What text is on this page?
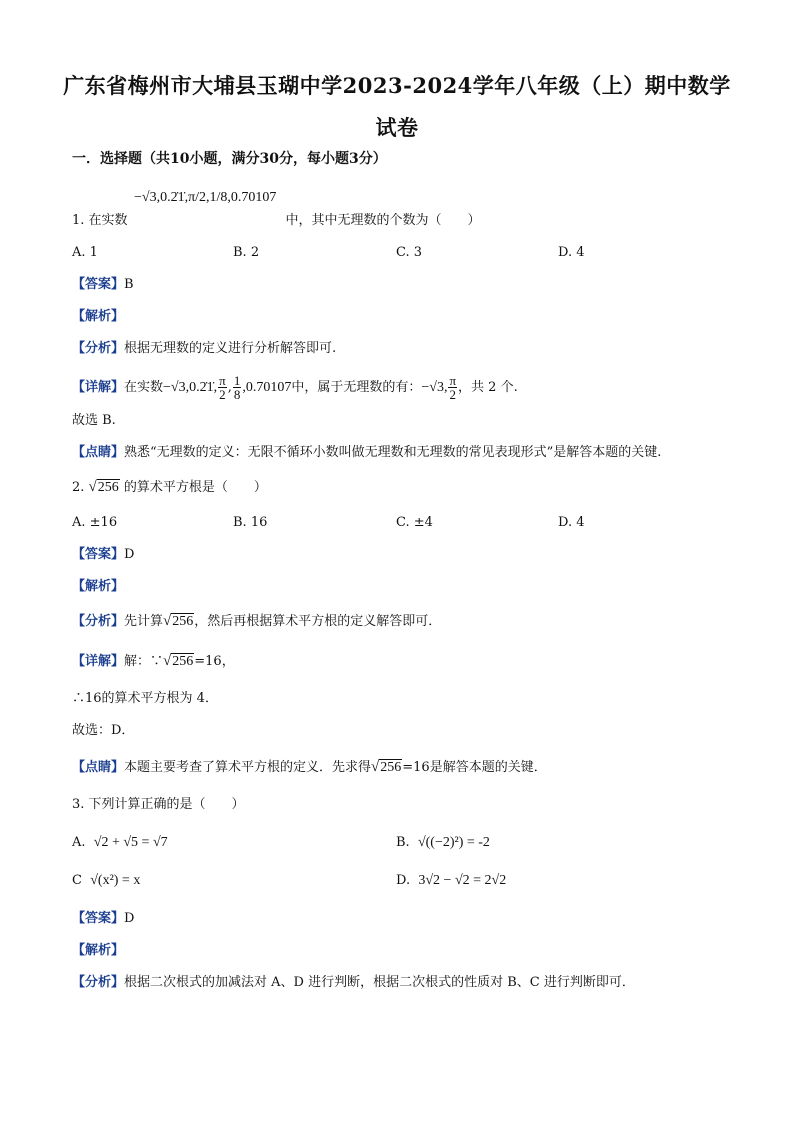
广东省梅州市大埔县玉瑚中学2023-2024学年八年级（上）期中数学
试卷
一．选择题（共10小题，满分30分，每小题3分）
−√3,0.2̇1̇,π/2,1/8,0.70107
1. 在实数	中，其中无理数的个数为（　　）
A. 1	B. 2	C. 3	D. 4
【答案】B
【解析】
【分析】根据无理数的定义进行分析解答即可.
【详解】在实数−√3,0.2̇1̇, $\frac{\pi}{2}$ , $\frac{1}{8} ,0.70107$中，属于无理数的有：−√3, $\frac{\pi}{2}$ ，共 2 个.
故选 B.
【点睛】熟悉“无理数的定义：无限不循环小数叫做无理数和无理数的常见表现形式”是解答本题的关键.
2. √256 的算术平方根是（　　）
A. ±16	B. 16	C. ±4	D. 4
【答案】D
【解析】
【分析】先计算√256，然后再根据算术平方根的定义解答即可．
【详解】解：∵√256=16，
∴16的算术平方根为 4．
故选：D．
【点睛】本题主要考查了算术平方根的定义．先求得√256=16是解答本题的关键．
3. 下列计算正确的是（　　）
A. √2 + √5 = √7	B. √((−2)²) = -2
C √(x²) = x	D. 3√2 − √2 = 2√2
【答案】D
【解析】
【分析】根据二次根式的加减法对 A、D 进行判断，根据二次根式的性质对 B、C 进行判断即可．
